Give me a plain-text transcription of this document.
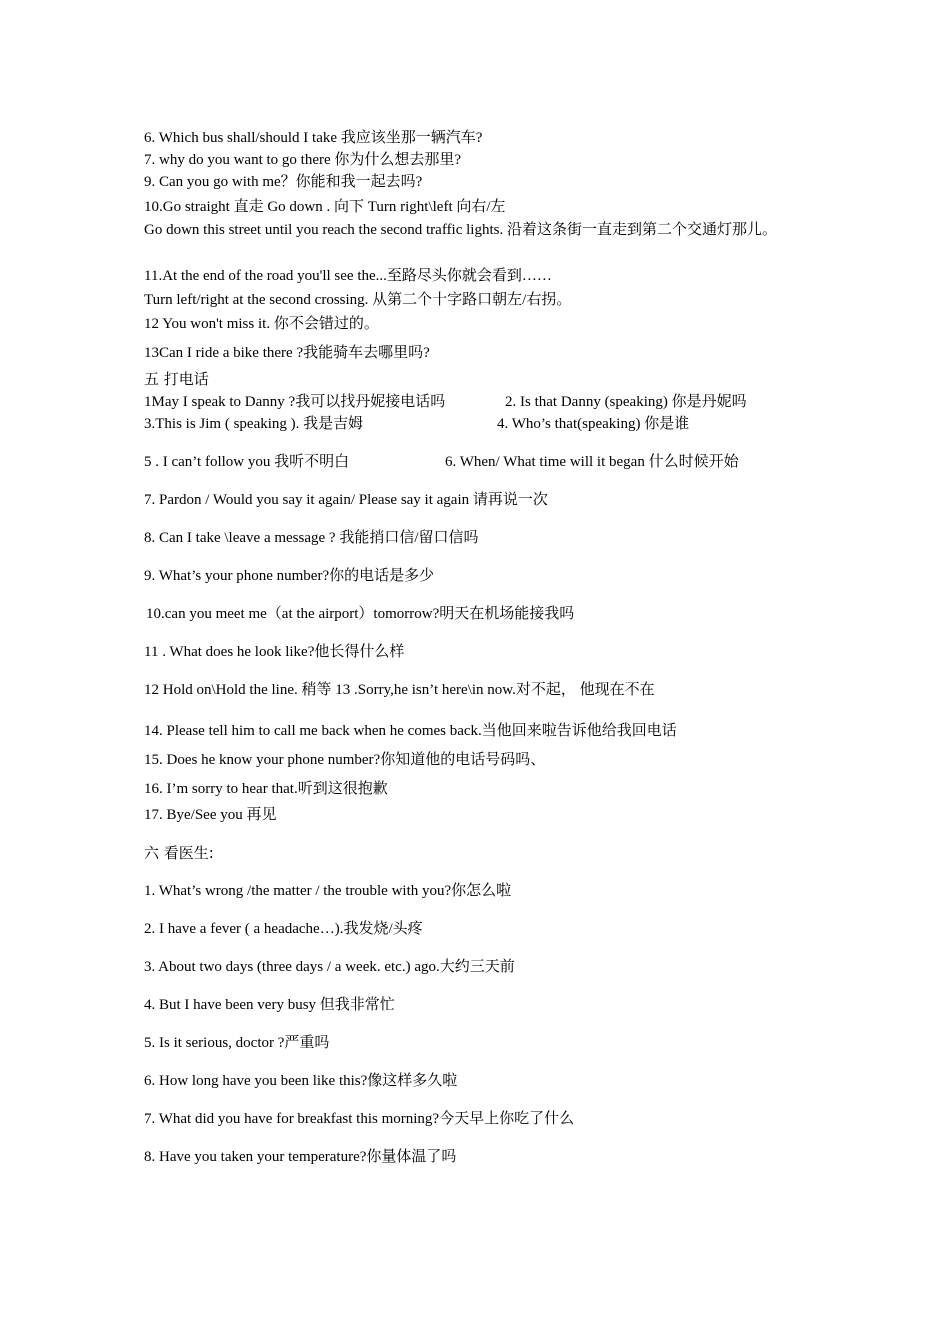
6. Which bus shall/should I take 我应该坐那一辆汽车?
7. why do you want to go there 你为什么想去那里?
9. Can you go with me？你能和我一起去吗?
10.Go straight 直走 Go down . 向下 Turn right\left 向右/左
Go down this street until you reach the second traffic lights. 沿着这条街一直走到第二个交通灯那儿。
11.At the end of the road you'll see the...至路尽头你就会看到……
Turn left/right at the second crossing. 从第二个十字路口朝左/右拐。
12 You won't miss it. 你不会错过的。
13Can I ride a bike there ?我能骑车去哪里吗?
五 打电话
1May I speak to Danny ?我可以找丹妮接电话吗	2. Is that Danny (speaking) 你是丹妮吗
3.This is Jim ( speaking ). 我是吉姆	4. Who’s that(speaking) 你是谁
5 . I can’t follow you 我听不明白	6. When/ What time will it began 什么时候开始
7. Pardon / Would you say it again/ Please say it again 请再说一次
8. Can I take \leave a message ? 我能捎口信/留口信吗
9. What’s your phone number?你的电话是多少
10.can you meet me（at the airport）tomorrow?明天在机场能接我吗
11 . What does he look like?他长得什么样
12 Hold on\Hold the line. 稍等 13 .Sorry,he isn’t here\in now.对不起， 他现在不在
14. Please tell him to call me back when he comes back.当他回来啦告诉他给我回电话
15. Does he know your phone number?你知道他的电话号码吗、
16. I’m sorry to hear that.听到这很抱歉
17. Bye/See you 再见
六 看医生:
1. What’s wrong /the matter / the trouble with you?你怎么啦
2. I have a fever ( a headache…).我发烧/头疼
3. About two days (three days / a week. etc.) ago.大约三天前
4. But I have been very busy 但我非常忙
5. Is it serious, doctor ?严重吗
6. How long have you been like this?像这样多久啦
7. What did you have for breakfast this morning?今天早上你吃了什么
8. Have you taken your temperature?你量体温了吗
